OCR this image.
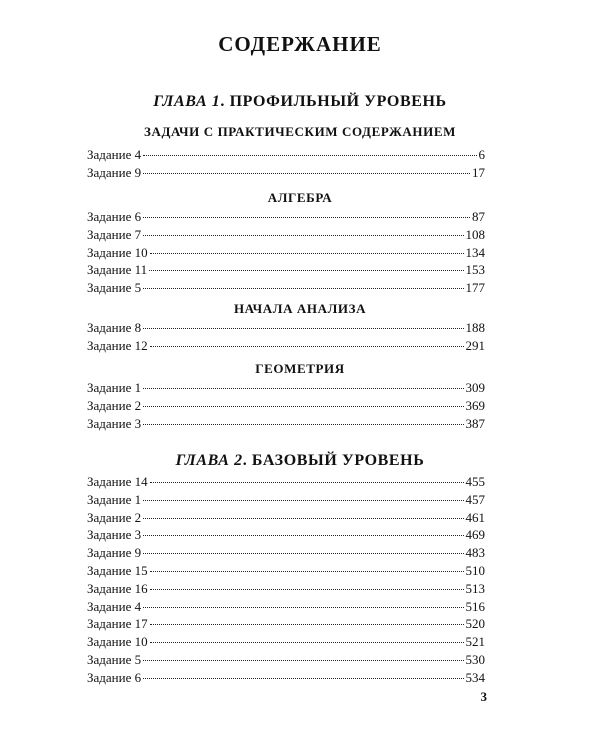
СОДЕРЖАНИЕ
ГЛАВА 1. ПРОФИЛЬНЫЙ УРОВЕНЬ
ЗАДАЧИ С ПРАКТИЧЕСКИМ СОДЕРЖАНИЕМ
Задание 4	6
Задание 9	17
АЛГЕБРА
Задание 6	87
Задание 7	108
Задание 10	134
Задание 11	153
Задание 5	177
НАЧАЛА АНАЛИЗА
Задание 8	188
Задание 12	291
ГЕОМЕТРИЯ
Задание 1	309
Задание 2	369
Задание 3	387
ГЛАВА 2. БАЗОВЫЙ УРОВЕНЬ
Задание 14	455
Задание 1	457
Задание 2	461
Задание 3	469
Задание 9	483
Задание 15	510
Задание 16	513
Задание 4	516
Задание 17	520
Задание 10	521
Задание 5	530
Задание 6	534
3
